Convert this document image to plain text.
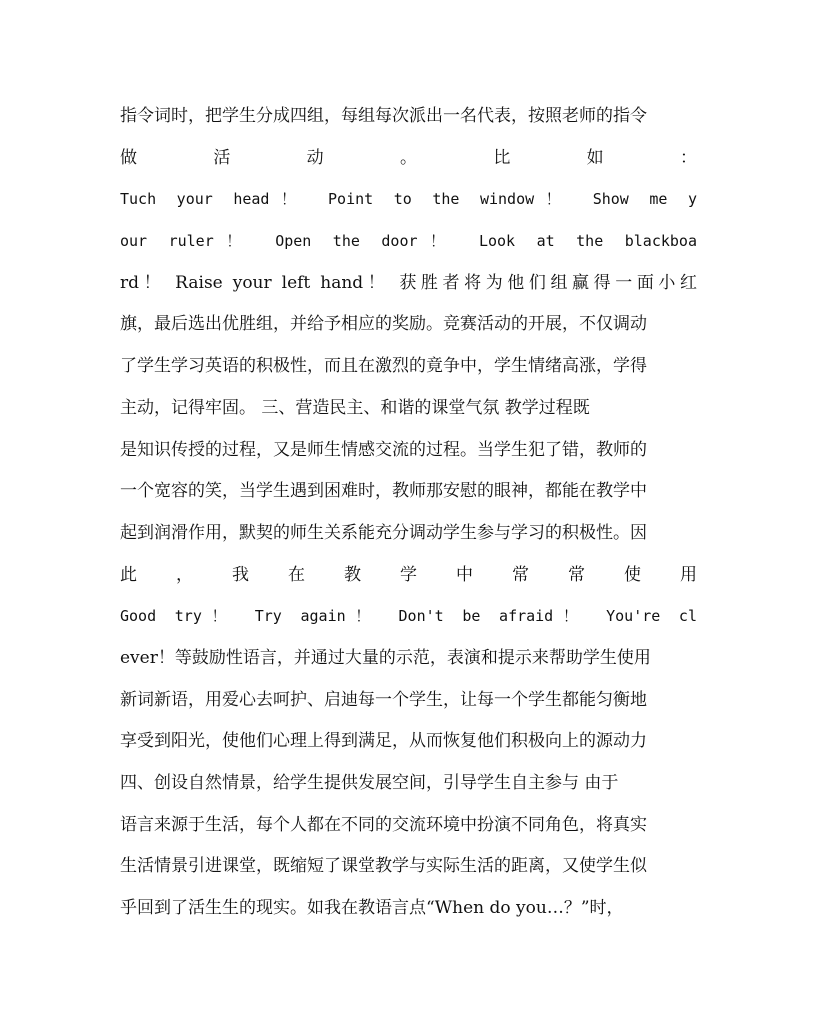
指令词时，把学生分成四组，每组每次派出一名代表，按照老师的指令
做 活 动 。 比 如 ：
Tuch your head！ Point to the window！ Show me y
our ruler！ Open the door！ Look at the blackboa
rd！ Raise your left hand！ 获胜者将为他们组赢得一面小红
旗，最后选出优胜组，并给予相应的奖励。竞赛活动的开展，不仅调动
了学生学习英语的积极性，而且在激烈的竟争中，学生情绪高涨，学得
主动，记得牢固。 三、营造民主、和谐的课堂气氛 教学过程既
是知识传授的过程，又是师生情感交流的过程。当学生犯了错，教师的
一个宽容的笑，当学生遇到困难时，教师那安慰的眼神，都能在教学中
起到润滑作用，默契的师生关系能充分调动学生参与学习的积极性。因
此 ， 我 在 教 学 中 常 常 使 用
Good try！ Try again！ Don't be afraid！ You're cl
ever！等鼓励性语言，并通过大量的示范，表演和提示来帮助学生使用
新词新语，用爱心去呵护、启迪每一个学生，让每一个学生都能匀衡地
享受到阳光，使他们心理上得到满足，从而恢复他们积极向上的源动力
四、创设自然情景，给学生提供发展空间，引导学生自主参与 由于
语言来源于生活，每个人都在不同的交流环境中扮演不同角色，将真实
生活情景引进课堂，既缩短了课堂教学与实际生活的距离，又使学生似
乎回到了活生生的现实。如我在教语言点“When do you…？”时，
